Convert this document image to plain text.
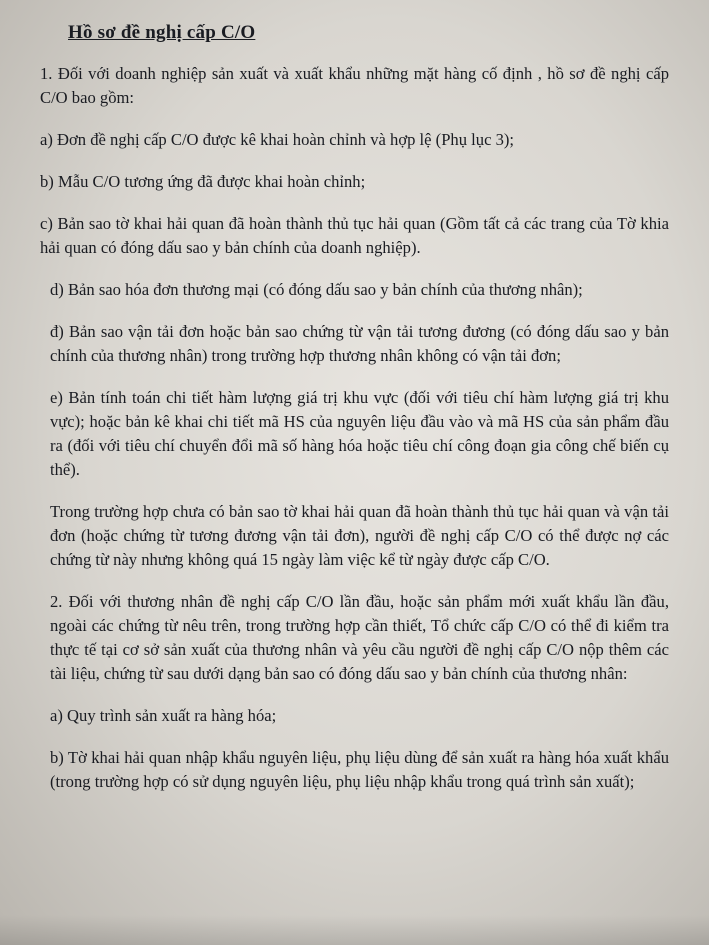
Hồ sơ đề nghị cấp C/O

1. Đối với doanh nghiệp sản xuất và xuất khẩu những mặt hàng cố định , hồ sơ đề nghị cấp C/O bao gồm:

a) Đơn đề nghị cấp C/O được kê khai hoàn chỉnh và hợp lệ (Phụ lục 3);

b) Mẫu C/O tương ứng đã được khai hoàn chỉnh;

c) Bản sao tờ khai hải quan đã hoàn thành thủ tục hải quan (Gồm tất cả các trang của Tờ khia hải quan có đóng dấu sao y bản chính của doanh nghiệp).

d) Bản sao hóa đơn thương mại (có đóng dấu sao y bản chính của thương nhân);

đ) Bản sao vận tải đơn hoặc bản sao chứng từ vận tải tương đương (có đóng dấu sao y bản chính của thương nhân) trong trường hợp thương nhân không có vận tải đơn;

e) Bản tính toán chi tiết hàm lượng giá trị khu vực (đối với tiêu chí hàm lượng giá trị khu vực); hoặc bản kê khai chi tiết mã HS của nguyên liệu đầu vào và mã HS của sản phẩm đầu ra (đối với tiêu chí chuyển đổi mã số hàng hóa hoặc tiêu chí công đoạn gia công chế biến cụ thể).

Trong trường hợp chưa có bản sao tờ khai hải quan đã hoàn thành thủ tục hải quan và vận tải đơn (hoặc chứng từ tương đương vận tải đơn), người đề nghị cấp C/O có thể được nợ các chứng từ này nhưng không quá 15 ngày làm việc kể từ ngày được cấp C/O.

2. Đối với thương nhân đề nghị cấp C/O lần đầu, hoặc sản phẩm mới xuất khẩu lần đầu, ngoài các chứng từ nêu trên, trong trường hợp cần thiết, Tổ chức cấp C/O có thể đi kiểm tra thực tế tại cơ sở sản xuất của thương nhân và yêu cầu người đề nghị cấp C/O nộp thêm các tài liệu, chứng từ sau dưới dạng bản sao có đóng dấu sao y bản chính của thương nhân:

a) Quy trình sản xuất ra hàng hóa;

b) Tờ khai hải quan nhập khẩu nguyên liệu, phụ liệu dùng để sản xuất ra hàng hóa xuất khẩu (trong trường hợp có sử dụng nguyên liệu, phụ liệu nhập khẩu trong quá trình sản xuất);
